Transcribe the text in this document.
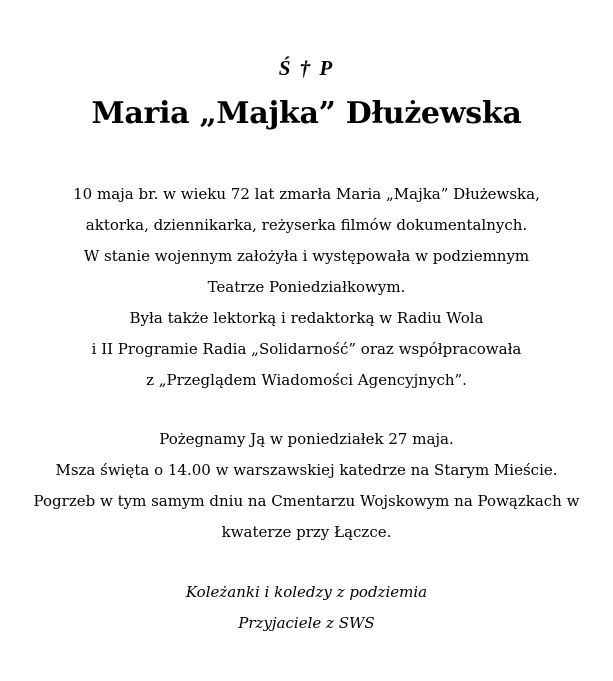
Ś † P
Maria „Majka” Dłużewska
10 maja br. w wieku 72 lat zmarła Maria „Majka” Dłużewska,
aktorka, dziennikarka, reżyserka filmów dokumentalnych.
W stanie wojennym założyła i występowała w podziemnym
Teatrze Poniedziałkowym.
Była także lektorką i redaktorką w Radiu Wola
i II Programie Radia „Solidarność” oraz współpracowała
z „Przeglądem Wiadomości Agencyjnych”.
Pożegnamy Ją w poniedziałek 27 maja.
Msza święta o 14.00 w warszawskiej katedrze na Starym Mieście.
Pogrzeb w tym samym dniu na Cmentarzu Wojskowym na Powązkach w
kwaterze przy Łączce.
Koleżanki i koledzy z podziemia
Przyjaciele z SWS
